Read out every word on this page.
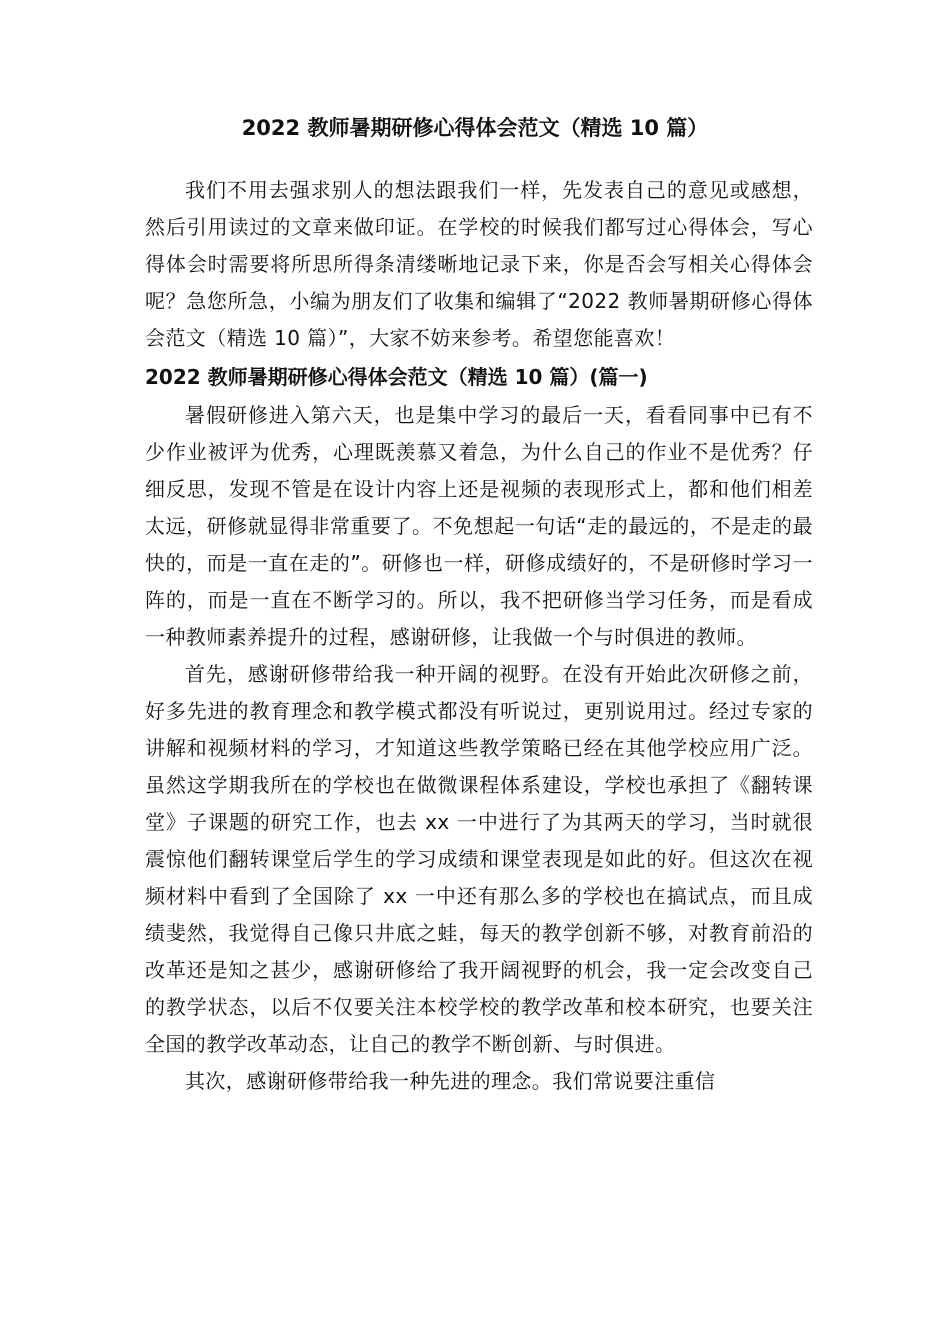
2022 教师暑期研修心得体会范文（精选 10 篇）

我们不用去强求别人的想法跟我们一样，先发表自己的意见或感想，然后引用读过的文章来做印证。在学校的时候我们都写过心得体会，写心得体会时需要将所思所得条清缕晰地记录下来，你是否会写相关心得体会呢？急您所急，小编为朋友们了收集和编辑了“2022 教师暑期研修心得体会范文（精选 10 篇）”，大家不妨来参考。希望您能喜欢！

2022 教师暑期研修心得体会范文（精选 10 篇）(篇一)

暑假研修进入第六天，也是集中学习的最后一天，看看同事中已有不少作业被评为优秀，心理既羡慕又着急，为什么自己的作业不是优秀？仔细反思，发现不管是在设计内容上还是视频的表现形式上，都和他们相差太远，研修就显得非常重要了。不免想起一句话“走的最远的，不是走的最快的，而是一直在走的”。研修也一样，研修成绩好的，不是研修时学习一阵的，而是一直在不断学习的。所以，我不把研修当学习任务，而是看成一种教师素养提升的过程，感谢研修，让我做一个与时俱进的教师。

首先，感谢研修带给我一种开阔的视野。在没有开始此次研修之前，好多先进的教育理念和教学模式都没有听说过，更别说用过。经过专家的讲解和视频材料的学习，才知道这些教学策略已经在其他学校应用广泛。虽然这学期我所在的学校也在做微课程体系建设，学校也承担了《翻转课堂》子课题的研究工作，也去 xx 一中进行了为其两天的学习，当时就很震惊他们翻转课堂后学生的学习成绩和课堂表现是如此的好。但这次在视频材料中看到了全国除了 xx 一中还有那么多的学校也在搞试点，而且成绩斐然，我觉得自己像只井底之蛙，每天的教学创新不够，对教育前沿的改革还是知之甚少，感谢研修给了我开阔视野的机会，我一定会改变自己的教学状态，以后不仅要关注本校学校的教学改革和校本研究，也要关注全国的教学改革动态，让自己的教学不断创新、与时俱进。

其次，感谢研修带给我一种先进的理念。我们常说要注重信
